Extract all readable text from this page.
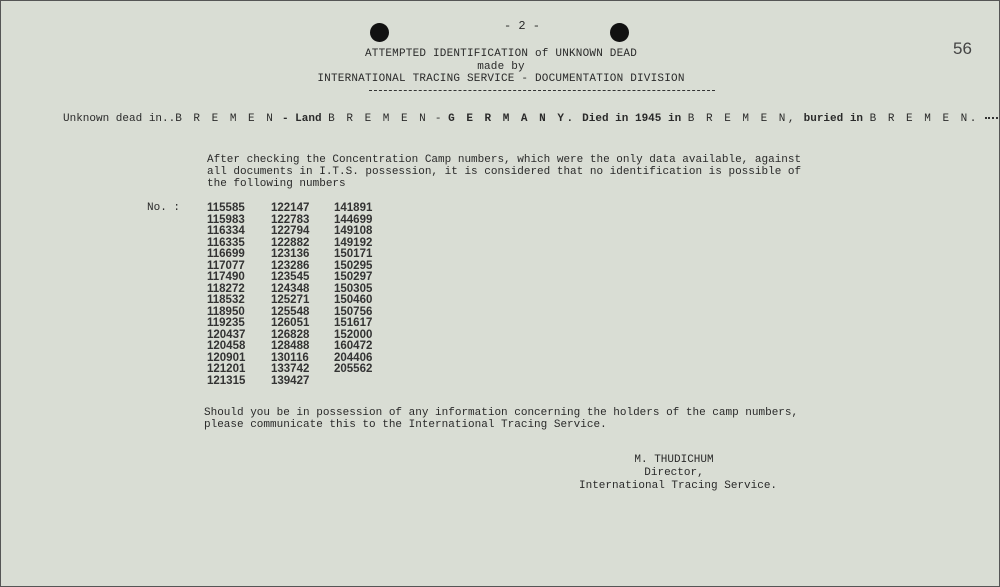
- 2 -
56
ATTEMPTED IDENTIFICATION of UNKNOWN DEAD
made by
INTERNATIONAL TRACING SERVICE - DOCUMENTATION DIVISION
Unknown dead in..B R E M E N - Land B R E M E N - G E R M A N Y. Died in 1945 in B R E M E N, buried in B R E M E N.
After checking the Concentration Camp numbers, which were the only data available, against all documents in I.T.S. possession, it is considered that no identification is possible of the following numbers
No. : 115585
115983
116334
116335
116699
117077
117490
118272
118532
118950
119235
120437
120458
120901
121201
121315
122147
122783
122794
122882
123136
123286
123545
124348
125271
125548
126051
126828
128488
130116
133742
139427
141891
144699
149108
149192
150171
150295
150297
150305
150460
150756
151617
152000
160472
204406
205562
Should you be in possession of any information concerning the holders of the camp numbers, please communicate this to the International Tracing Service.
M. THUDICHUM
Director,
International Tracing Service.
